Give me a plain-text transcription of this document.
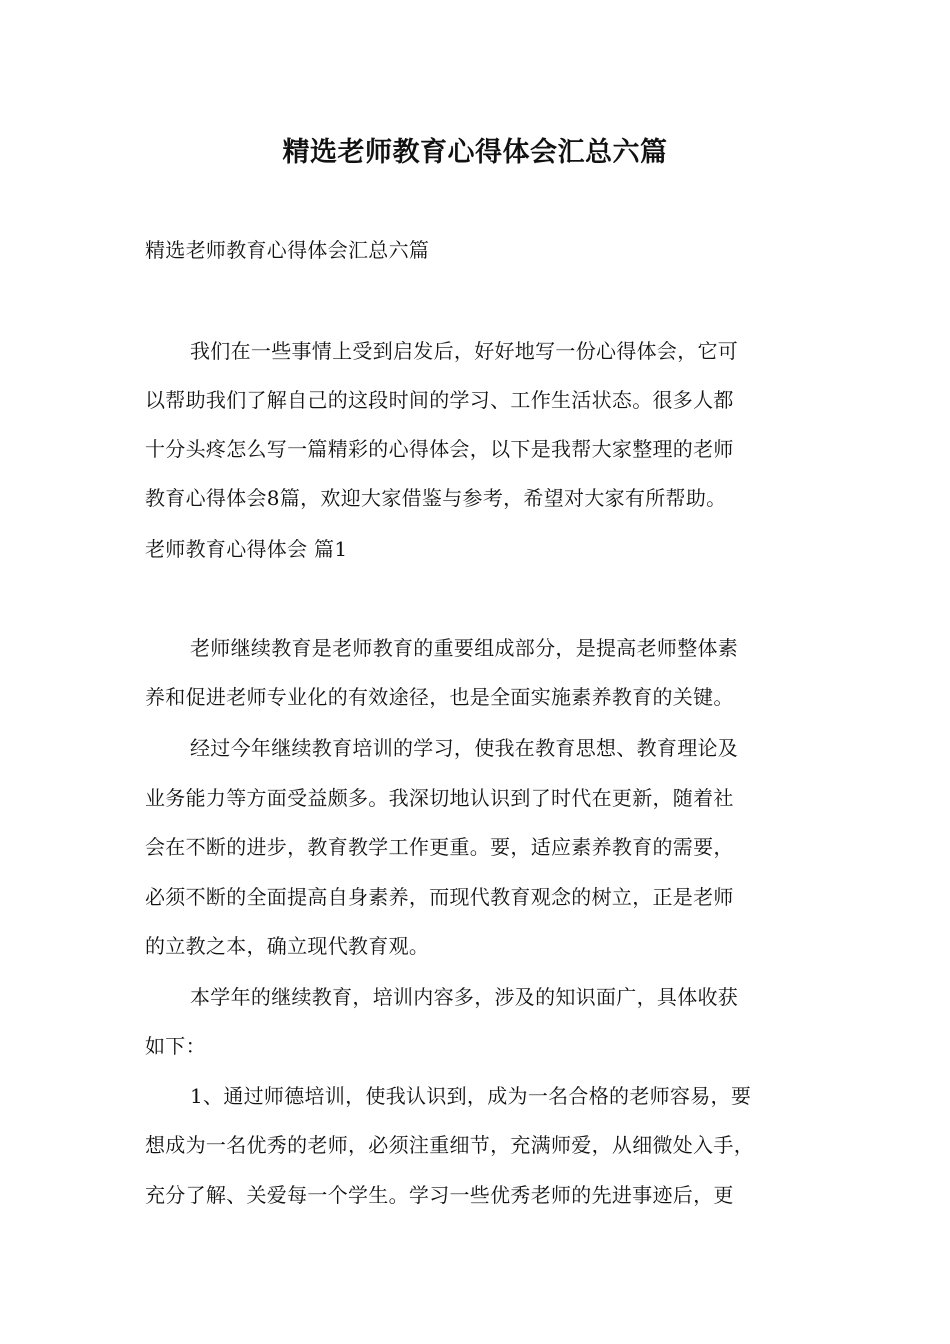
精选老师教育心得体会汇总六篇
精选老师教育心得体会汇总六篇
我们在一些事情上受到启发后，好好地写一份心得体会，它可
以帮助我们了解自己的这段时间的学习、工作生活状态。很多人都
十分头疼怎么写一篇精彩的心得体会，以下是我帮大家整理的老师
教育心得体会8篇，欢迎大家借鉴与参考，希望对大家有所帮助。
老师教育心得体会 篇1
老师继续教育是老师教育的重要组成部分，是提高老师整体素
养和促进老师专业化的有效途径，也是全面实施素养教育的关键。
经过今年继续教育培训的学习，使我在教育思想、教育理论及
业务能力等方面受益颇多。我深切地认识到了时代在更新，随着社
会在不断的进步，教育教学工作更重。要，适应素养教育的需要，
必须不断的全面提高自身素养，而现代教育观念的树立，正是老师
的立教之本，确立现代教育观。
本学年的继续教育，培训内容多，涉及的知识面广，具体收获
如下：
1、通过师德培训，使我认识到，成为一名合格的老师容易，要
想成为一名优秀的老师，必须注重细节，充满师爱，从细微处入手，
充分了解、关爱每一个学生。学习一些优秀老师的先进事迹后，更
